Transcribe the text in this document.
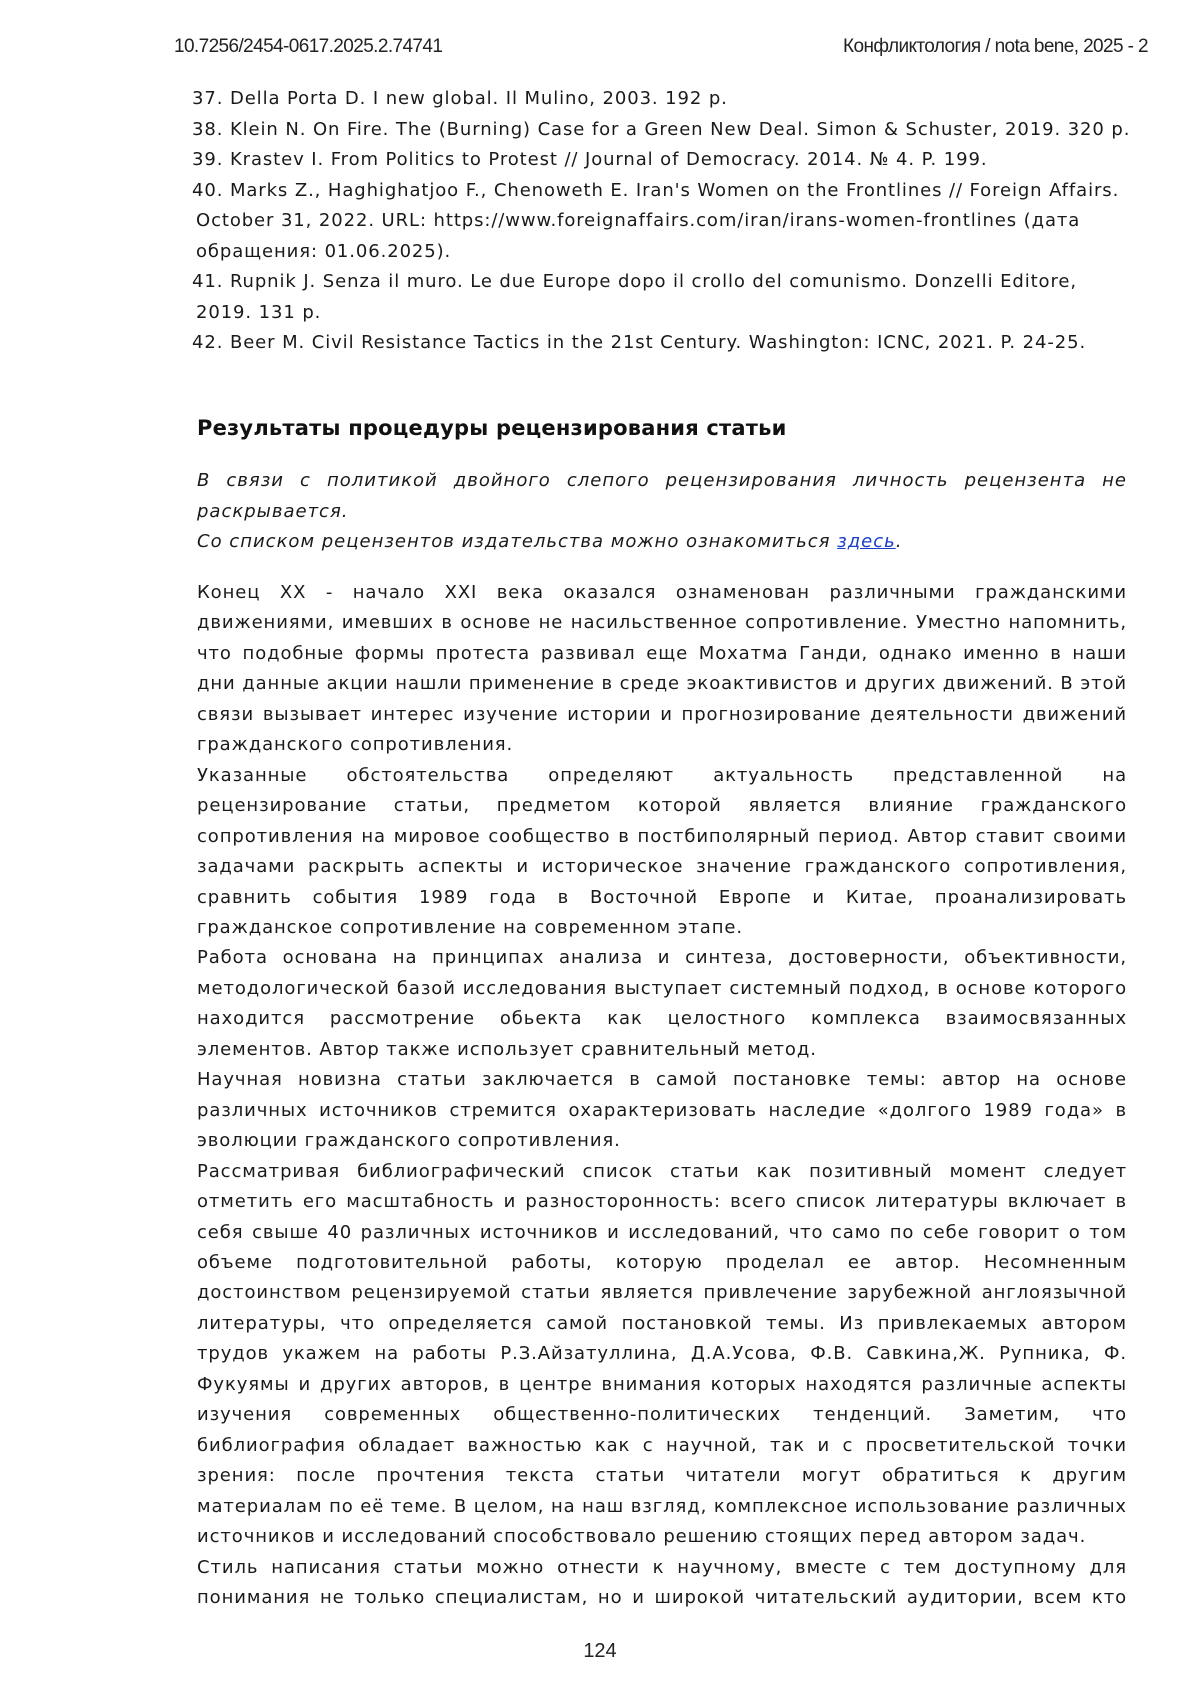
10.7256/2454-0617.2025.2.74741	Конфликтология / nota bene, 2025 - 2
37. Della Porta D. I new global. Il Mulino, 2003. 192 p.
38. Klein N. On Fire. The (Burning) Case for a Green New Deal. Simon & Schuster, 2019. 320 p.
39. Krastev I. From Politics to Protest // Journal of Democracy. 2014. № 4. P. 199.
40. Marks Z., Haghighatjoo F., Chenoweth E. Iran's Women on the Frontlines // Foreign Affairs. October 31, 2022. URL: https://www.foreignaffairs.com/iran/irans-women-frontlines (дата обращения: 01.06.2025).
41. Rupnik J. Senza il muro. Le due Europe dopo il crollo del comunismo. Donzelli Editore, 2019. 131 p.
42. Beer M. Civil Resistance Tactics in the 21st Century. Washington: ICNC, 2021. P. 24-25.
Результаты процедуры рецензирования статьи

В связи с политикой двойного слепого рецензирования личность рецензента не раскрывается.

Со списком рецензентов издательства можно ознакомиться здесь.

Конец XX - начало XXI века оказался ознаменован различными гражданскими движениями, имевших в основе не насильственное сопротивление. Уместно напомнить, что подобные формы протеста развивал еще Мохатма Ганди, однако именно в наши дни данные акции нашли применение в среде экоактивистов и других движений. В этой связи вызывает интерес изучение истории и прогнозирование деятельности движений гражданского сопротивления.

Указанные обстоятельства определяют актуальность представленной на рецензирование статьи, предметом которой является влияние гражданского сопротивления на мировое сообщество в постбиполярный период. Автор ставит своими задачами раскрыть аспекты и историческое значение гражданского сопротивления, сравнить события 1989 года в Восточной Европе и Китае, проанализировать гражданское сопротивление на современном этапе.

Работа основана на принципах анализа и синтеза, достоверности, объективности, методологической базой исследования выступает системный подход, в основе которого находится рассмотрение обьекта как целостного комплекса взаимосвязанных элементов. Автор также использует сравнительный метод.

Научная новизна статьи заключается в самой постановке темы: автор на основе различных источников стремится охарактеризовать наследие «долгого 1989 года» в эволюции гражданского сопротивления.

Рассматривая библиографический список статьи как позитивный момент следует отметить его масштабность и разносторонность: всего список литературы включает в себя свыше 40 различных источников и исследований, что само по себе говорит о том объеме подготовительной работы, которую проделал ее автор. Несомненным достоинством рецензируемой статьи является привлечение зарубежной англоязычной литературы, что определяется самой постановкой темы. Из привлекаемых автором трудов укажем на работы Р.З.Айзатуллина, Д.А.Усова, Ф.В. Савкина,Ж. Рупника, Ф. Фукуямы и других авторов, в центре внимания которых находятся различные аспекты изучения современных общественно-политических тенденций. Заметим, что библиография обладает важностью как с научной, так и с просветительской точки зрения: после прочтения текста статьи читатели могут обратиться к другим материалам по её теме. В целом, на наш взгляд, комплексное использование различных источников и исследований способствовало решению стоящих перед автором задач.

Стиль написания статьи можно отнести к научному, вместе с тем доступному для понимания не только специалистам, но и широкой читательский аудитории, всем кто

124
